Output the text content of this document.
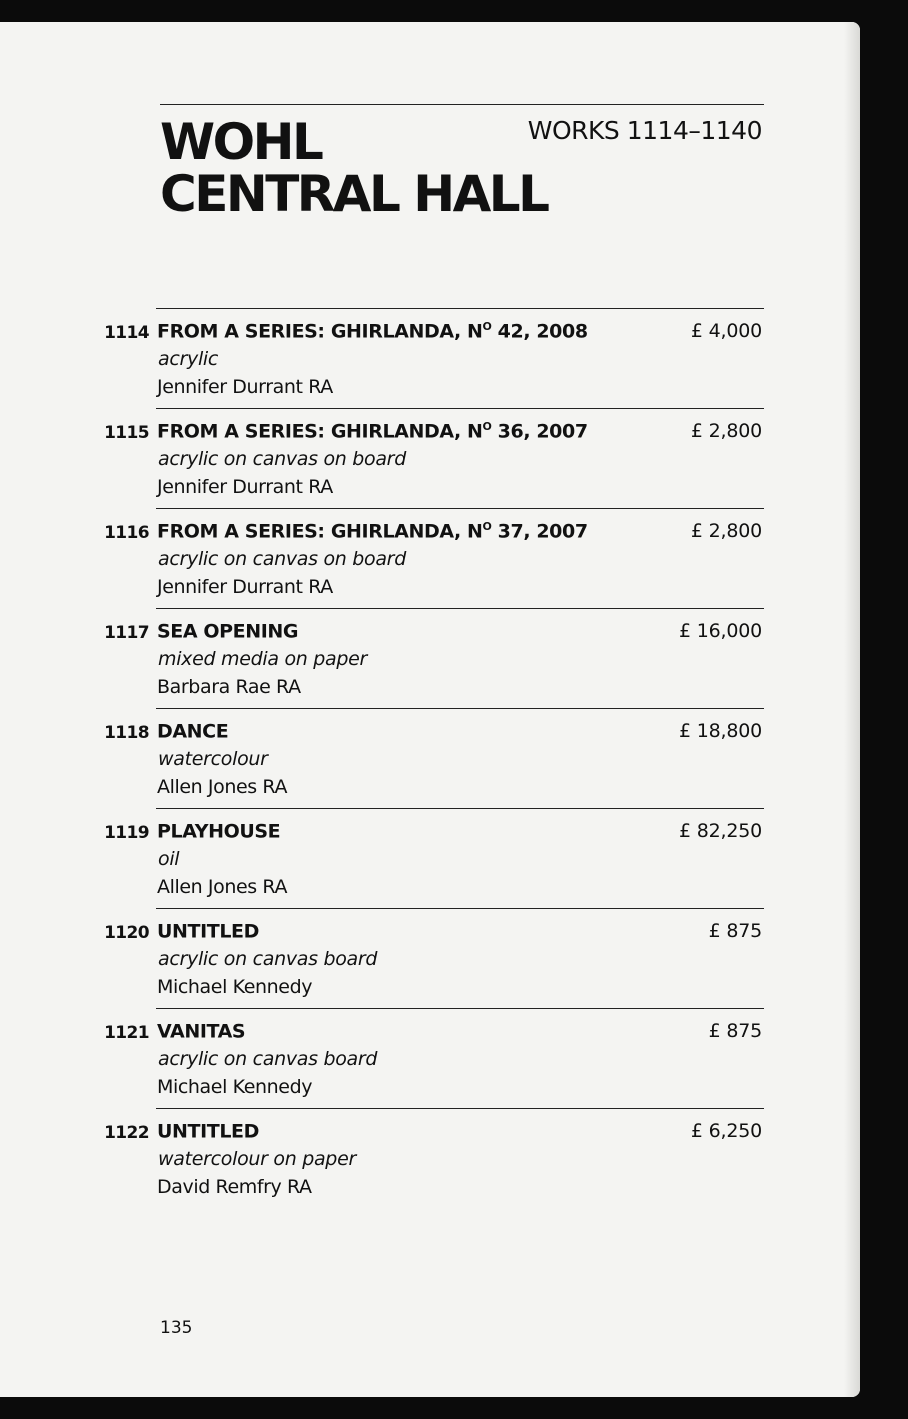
WOHL
CENTRAL HALL
WORKS 1114–1140
1114 FROM A SERIES: GHIRLANDA, $N^O$ 42, 2008
acrylic
Jennifer Durrant RA
£ 4,000
1115 FROM A SERIES: GHIRLANDA, $N^O$ 36, 2007
acrylic on canvas on board
Jennifer Durrant RA
£ 2,800
1116 FROM A SERIES: GHIRLANDA, $N^O$ 37, 2007
acrylic on canvas on board
Jennifer Durrant RA
£ 2,800
1117 SEA OPENING
mixed media on paper
Barbara Rae RA
£ 16,000
1118 DANCE
watercolour
Allen Jones RA
£ 18,800
1119 PLAYHOUSE
oil
Allen Jones RA
£ 82,250
1120 UNTITLED
acrylic on canvas board
Michael Kennedy
£ 875
1121 VANITAS
acrylic on canvas board
Michael Kennedy
£ 875
1122 UNTITLED
watercolour on paper
David Remfry RA
£ 6,250
135
